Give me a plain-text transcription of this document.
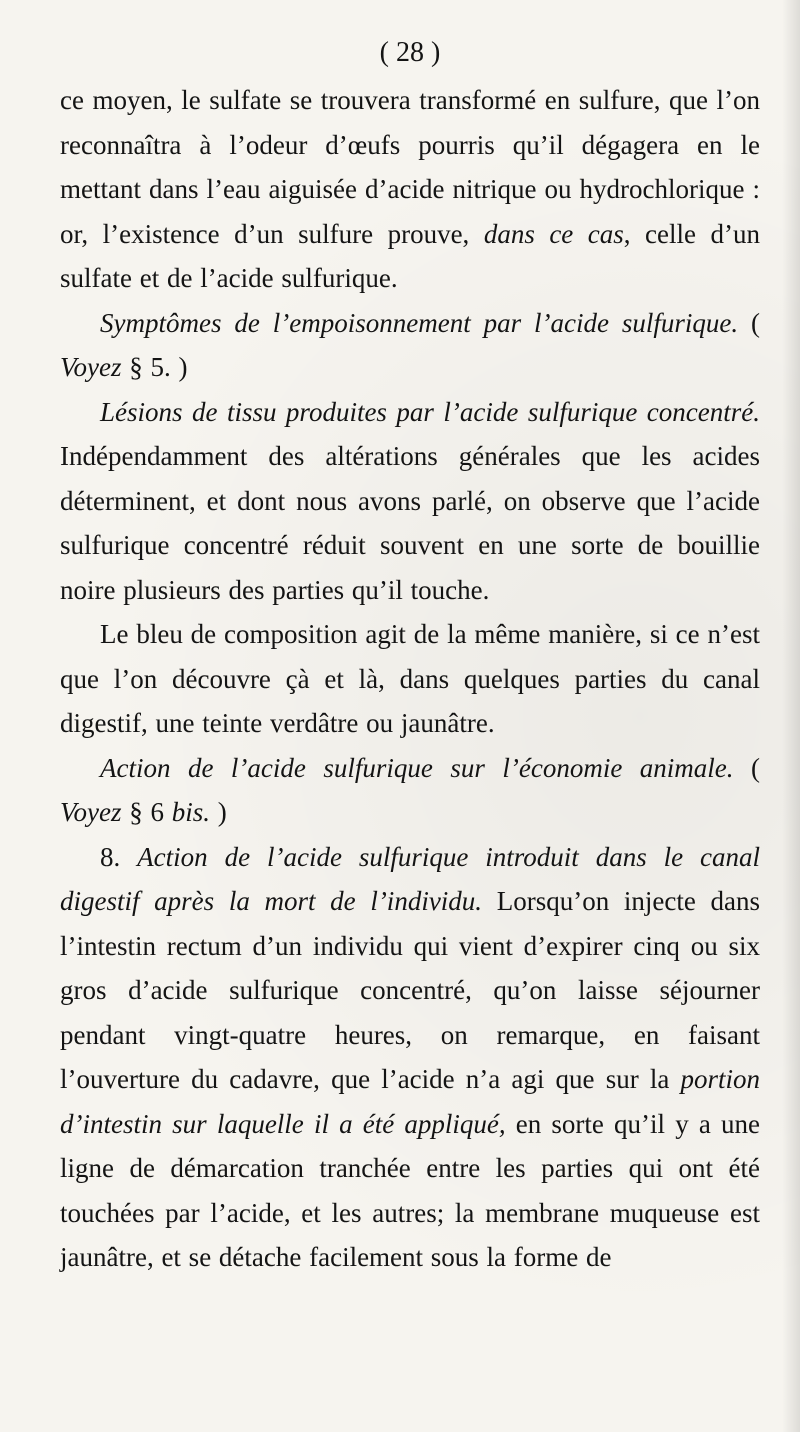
( 28 )

ce moyen, le sulfate se trouvera transformé en sulfure, que l’on reconnaîtra à l’odeur d’œufs pourris qu’il dégagera en le mettant dans l’eau aiguisée d’acide nitrique ou hydrochlorique : or, l’existence d’un sulfure prouve, dans ce cas, celle d’un sulfate et de l’acide sulfurique.

Symptômes de l’empoisonnement par l’acide sulfurique. ( Voyez § 5. )

Lésions de tissu produites par l’acide sulfurique concentré. Indépendamment des altérations générales que les acides déterminent, et dont nous avons parlé, on observe que l’acide sulfurique concentré réduit souvent en une sorte de bouillie noire plusieurs des parties qu’il touche.

Le bleu de composition agit de la même manière, si ce n’est que l’on découvre çà et là, dans quelques parties du canal digestif, une teinte verdâtre ou jaunâtre.

Action de l’acide sulfurique sur l’économie animale. ( Voyez § 6 bis. )

8. Action de l’acide sulfurique introduit dans le canal digestif après la mort de l’individu. Lorsqu’on injecte dans l’intestin rectum d’un individu qui vient d’expirer cinq ou six gros d’acide sulfurique concentré, qu’on laisse séjourner pendant vingt-quatre heures, on remarque, en faisant l’ouverture du cadavre, que l’acide n’a agi que sur la portion d’intestin sur laquelle il a été appliqué, en sorte qu’il y a une ligne de démarcation tranchée entre les parties qui ont été touchées par l’acide, et les autres; la membrane muqueuse est jaunâtre, et se détache facilement sous la forme de
